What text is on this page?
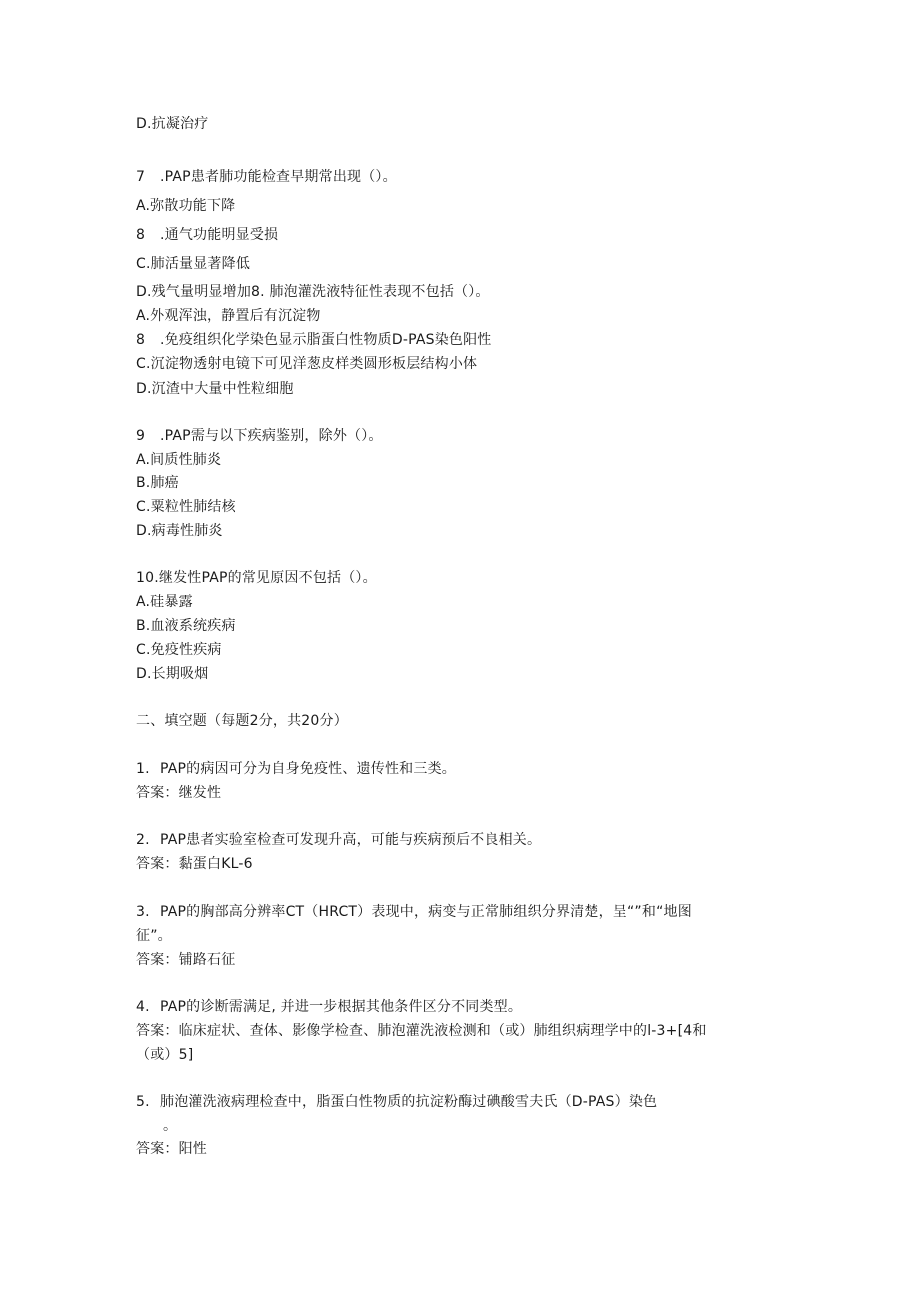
D.抗凝治疗
7 .PAP患者肺功能检查早期常出现（）。
A.弥散功能下降
8 .通气功能明显受损
C.肺活量显著降低
D.残气量明显增加8. 肺泡灌洗液特征性表现不包括（）。
A.外观浑浊，静置后有沉淀物
8 .免疫组织化学染色显示脂蛋白性物质D-PAS染色阳性
C.沉淀物透射电镜下可见洋葱皮样类圆形板层结构小体
D.沉渣中大量中性粒细胞
9 .PAP需与以下疾病鉴别，除外（）。
A.间质性肺炎
B.肺癌
C.粟粒性肺结核
D.病毒性肺炎
10.继发性PAP的常见原因不包括（）。
A.硅暴露
B.血液系统疾病
C.免疫性疾病
D.长期吸烟
二、填空题（每题2分，共20分）
1. PAP的病因可分为自身免疫性、遗传性和三类。
答案：继发性
2. PAP患者实验室检查可发现升高，可能与疾病预后不良相关。
答案：黏蛋白KL-6
3. PAP的胸部高分辨率CT（HRCT）表现中，病变与正常肺组织分界清楚，呈“”和“地图
征”。
答案：铺路石征
4. PAP的诊断需满足, 并进一步根据其他条件区分不同类型。
答案：临床症状、查体、影像学检查、肺泡灌洗液检测和（或）肺组织病理学中的l-3+[4和
（或）5]
5. 肺泡灌洗液病理检查中，脂蛋白性物质的抗淀粉酶过碘酸雪夫氏（D-PAS）染色
。
答案：阳性
